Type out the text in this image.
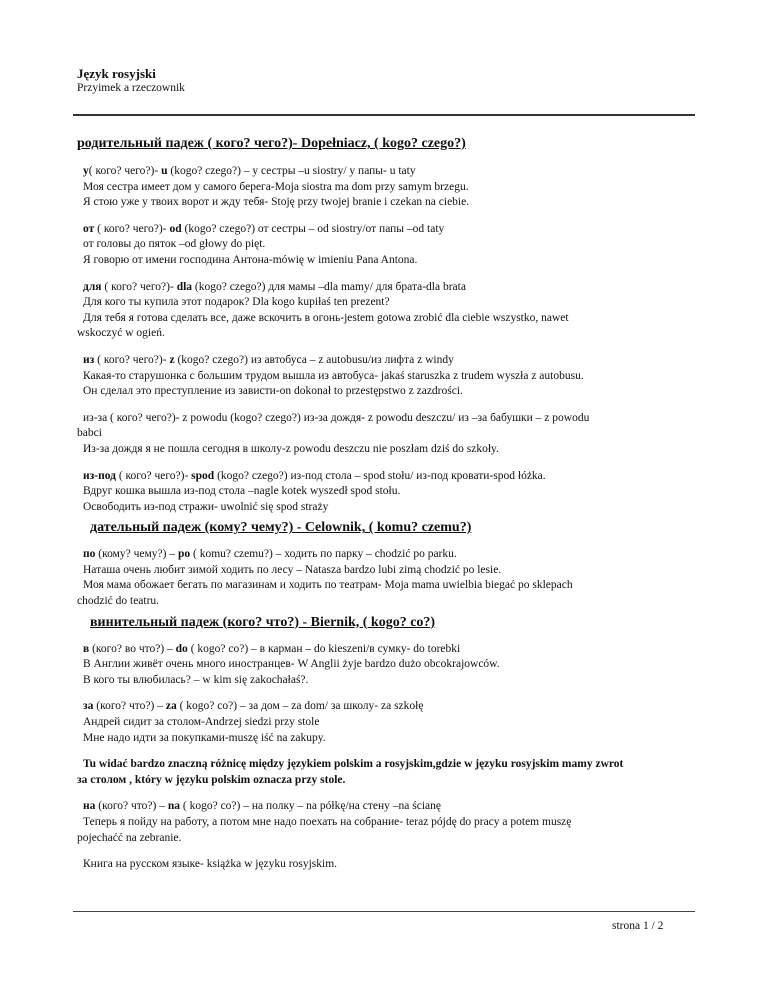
Język rosyjski
Przyimek a rzeczownik
родительный падеж ( кого? чего?)- Dopełniacz, ( kogo? czego?)

у( кого? чего?)- u (kogo? czego?) – у сестры –u siostry/ у папы- u taty

Моя сестра имеет дом у самого берега-Moja siostra ma dom przy samym brzegu.

Я стою уже у твоих ворот и жду тебя- Stoję przy twojej branie i czekan na ciebie.

от ( кого? чего?)- od (kogo? czego?) от сестры – od siostry/от папы –od taty

от головы до пяток –od głowy do pięt.

Я говорю от имени господина Антона-mówię w imieniu Pana Antona.

для ( кого? чего?)- dla (kogo? czego?) для мамы –dla mamy/ для брата-dla brata

Для кого ты купила этот подарок? Dla kogo kupiłaś ten prezent?

Для тебя я готова сделать все, даже вскочить в огонь-jestem gotowa zrobić dla ciebie wszystko, nawet

wskoczyć w ogień.

из ( кого? чего?)- z (kogo? czego?) из автобуса – z autobusu/из лифта z windy

Какая-то старушонка с большим трудом вышла из автобуса- jakaś staruszka z trudem wyszła z autobusu.

Он сделал это преступление из зависти-on dokonał to przestępstwo z zazdrości.

из-за ( кого? чего?)- z powodu (kogo? czego?) из-за дождя- z powodu deszczu/ из –за бабушки – z powodu

babci

Из-за дождя я не пошла сегодня в школу-z powodu deszczu nie poszłam dziś do szkoły.

из-под ( кого? чего?)- spod (kogo? czego?) из-под стола – spod stołu/ из-под кровати-spod łóżka.

Вдруг кошка вышла из-под стола –nagle kotek wyszedł spod stołu.

Освободить из-под стражи- uwolnić się spod straży

дательный падеж (кому? чему?) - Celownik, ( komu? czemu?)

по (кому? чему?) – po ( komu? czemu?) – ходить по парку – chodzić po parku.

Наташа очень любит зимой ходить по лесу – Natasza bardzo lubi zimą chodzić po lesie.

Моя мама обожает бегать по магазинам и ходить по театрам- Moja mama uwielbia biegać po sklepach

chodzić do teatru.

винительный падеж (кого? что?) - Biernik, ( kogo? co?)

в (кого? во что?) – do ( kogo? co?) – в карман – do kieszeni/в сумку- do torebki

В Англии живёт очень много иностранцев- W Anglii żyje bardzo dużo obcokrajowców.

В кого ты влюбилась? – w kim się zakochałaś?.

за (кого? что?) – za ( kogo? co?) – за дом – za dom/ за школу- za szkołę

Андрей сидит за столом-Andrzej siedzi przy stole

Мне надо идти за покупками-muszę iść na zakupy.

Tu widać bardzo znaczną różnicę między językiem polskim a rosyjskim,gdzie w języku rosyjskim mamy zwrot

за столом , który w języku polskim oznacza przy stole.

на (кого? что?) – na ( kogo? co?) – на полку – na półkę/на стену –na ścianę

Теперь я пойду на работу, а потом мне надо поехать на собрание- teraz pójdę do pracy a potem muszę

pojechaćć na zebranie.

Книга на русском языке- książka w języku rosyjskim.

strona 1 / 2
